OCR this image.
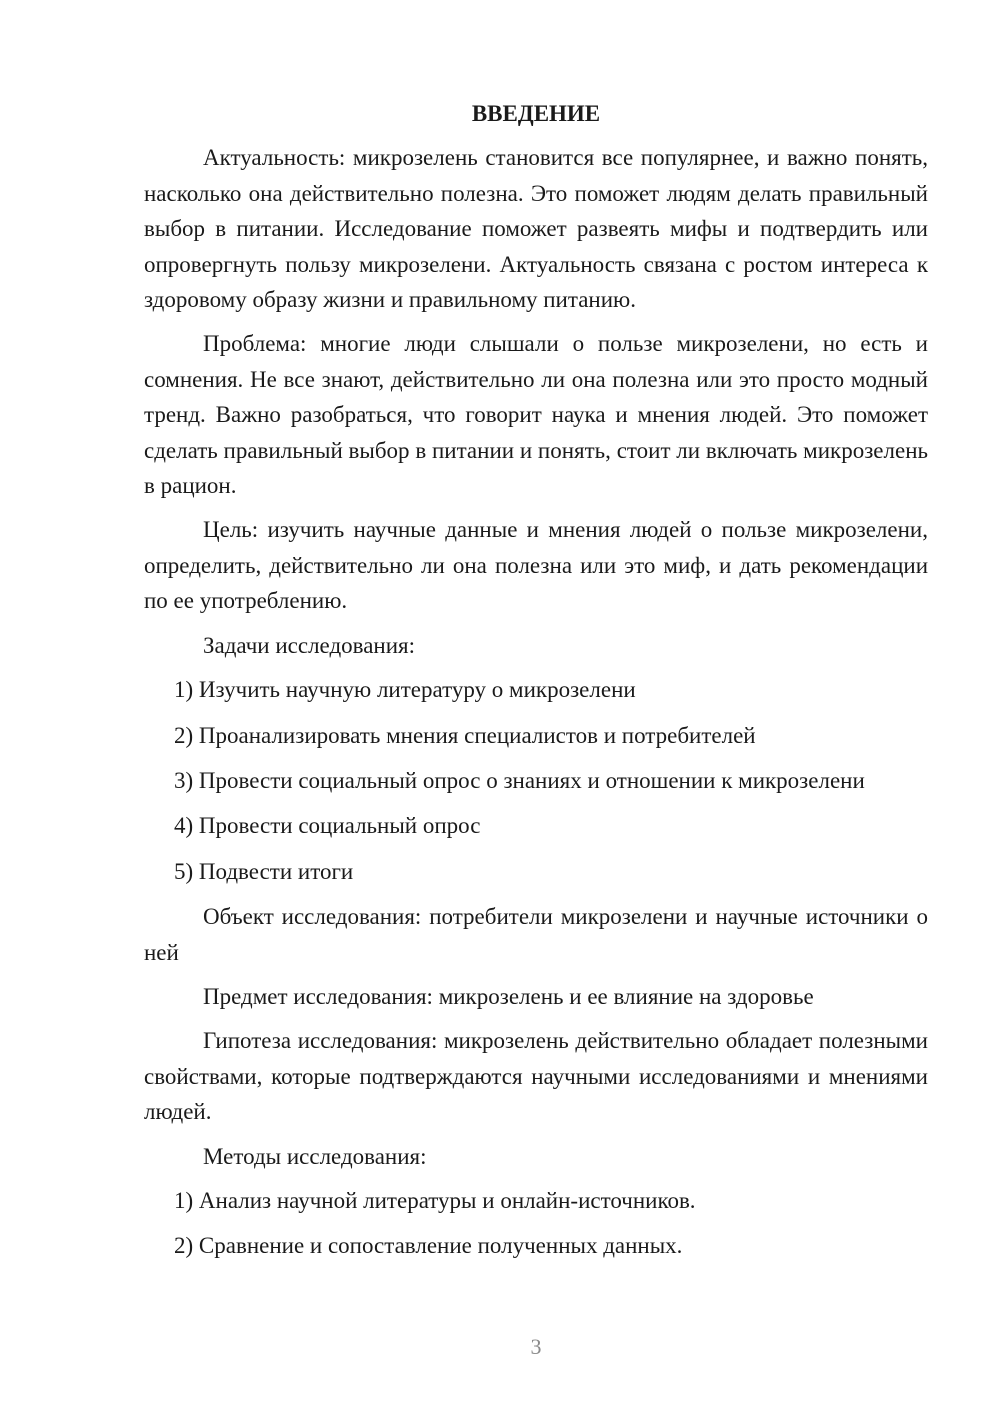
ВВЕДЕНИЕ

Актуальность: микрозелень становится все популярнее, и важно понять, насколько она действительно полезна. Это поможет людям делать правильный выбор в питании. Исследование поможет развеять мифы и подтвердить или опровергнуть пользу микрозелени. Актуальность связана с ростом интереса к здоровому образу жизни и правильному питанию.

Проблема: многие люди слышали о пользе микрозелени, но есть и сомнения. Не все знают, действительно ли она полезна или это просто модный тренд. Важно разобраться, что говорит наука и мнения людей. Это поможет сделать правильный выбор в питании и понять, стоит ли включать микрозелень в рацион.

Цель: изучить научные данные и мнения людей о пользе микрозелени, определить, действительно ли она полезна или это миф, и дать рекомендации по ее употреблению.

Задачи исследования:

1) Изучить научную литературу о микрозелени
2) Проанализировать мнения специалистов и потребителей
3) Провести социальный опрос о знаниях и отношении к микрозелени
4) Провести социальный опрос
5) Подвести итоги

Объект исследования: потребители микрозелени и научные источники о ней

Предмет исследования: микрозелень и ее влияние на здоровье

Гипотеза исследования: микрозелень действительно обладает полезными свойствами, которые подтверждаются научными исследованиями и мнениями людей.

Методы исследования:

1) Анализ научной литературы и онлайн-источников.
2) Сравнение и сопоставление полученных данных.
3
